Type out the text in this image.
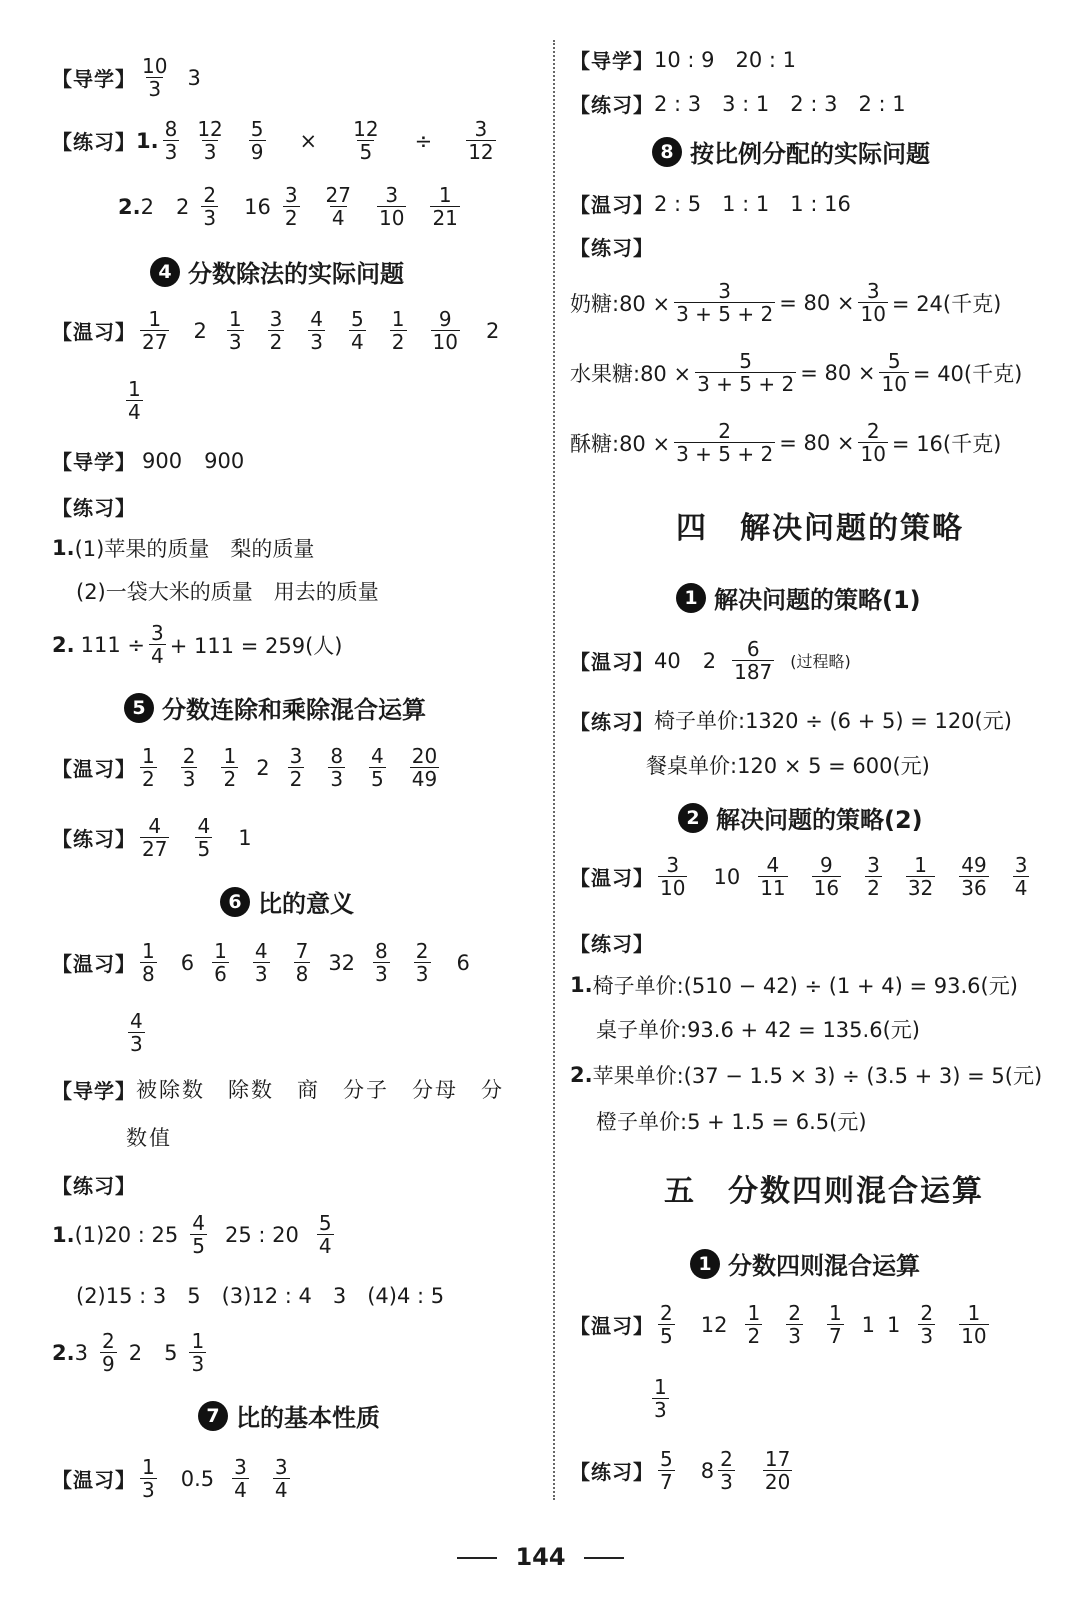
【导学】 $\frac{10}{3} 3$
【练习】 1. $\frac{8}{3} \frac{12}{3} \frac{5}{9} \times \frac{12}{5} \div \frac{3}{12}$
2. 2 $2 \frac{2}{3} 16 \frac{3}{2} \frac{27}{4} \frac{3}{10} \frac{1}{21}$
4 分数除法的实际问题
【温习】 $\frac{1}{27} 2 \frac{1}{3} \frac{3}{2} \frac{4}{3} \frac{5}{4} \frac{1}{2} \frac{9}{10} 2$
$\frac{1}{4}$
【导学】 900 900
【练习】
1. (1)苹果的质量　梨的质量
(2)一袋大米的质量　用去的质量
2. $111 \div \frac{3}{4} + 111 = 259$(人)
5 分数连除和乘除混合运算
【温习】 $\frac{1}{2} \frac{2}{3} \frac{1}{2} 2 \frac{3}{2} \frac{8}{3} \frac{4}{5} \frac{20}{49}$
【练习】 $\frac{4}{27} \frac{4}{5} 1$
6 比的意义
【温习】 $\frac{1}{8} 6 \frac{1}{6} \frac{4}{3} \frac{7}{8} 32 \frac{8}{3} \frac{2}{3} 6$
$\frac{4}{3}$
【导学】 被除数　除数　商　分子　分母　分
数值
【练习】
1. (1)20 : $25 \frac{4}{5} 25$ : $20 \frac{5}{4}$
(2)15 : 3　5　(3)12 : 4　3　(4)4 : 5
2. $3 \frac{2}{9} 2$ $5 \frac{1}{3}$
7 比的基本性质
【温习】 $\frac{1}{3} 0.5 \frac{3}{4} \frac{3}{4}$
【导学】 10 : 9　20 : 1
【练习】 2 : 3　3 : 1　2 : 3　2 : 1
8 按比例分配的实际问题
【温习】 2 : 5　1 : 1　1 : 16
【练习】
奶糖:80 × $\frac{3}{3 + 5 + 2} = 80 \times \frac{3}{10} = 24$(千克)
水果糖:80 × $\frac{5}{3 + 5 + 2} = 80 \times \frac{5}{10} = 40$(千克)
酥糖:80 × $\frac{2}{3 + 5 + 2} = 80 \times \frac{2}{10} = 16$(千克)
四　解决问题的策略
1 解决问题的策略(1)
【温习】 40 $2 \frac{6}{187}$ (过程略)
【练习】 椅子单价:1320 ÷ (6 + 5) = 120(元)
餐桌单价:120 × 5 = 600(元)
2 解决问题的策略(2)
【温习】 $\frac{3}{10} 10 \frac{4}{11} \frac{9}{16} \frac{3}{2} \frac{1}{32} \frac{49}{36} \frac{3}{4}$
【练习】
1. 椅子单价:(510 − 42) ÷ (1 + 4) = 93.6(元)
桌子单价:93.6 + 42 = 135.6(元)
2. 苹果单价:(37 − 1.5 × 3) ÷ (3.5 + 3) = 5(元)
橙子单价:5 + 1.5 = 6.5(元)
五　分数四则混合运算
1 分数四则混合运算
【温习】 $\frac{2}{5} 12 \frac{1}{2} \frac{2}{3} \frac{1}{7} 1$ $1 \frac{2}{3} \frac{1}{10}$
$\frac{1}{3}$
【练习】 $\frac{5}{7} 8 \frac{2}{3} \frac{17}{20}$
144
